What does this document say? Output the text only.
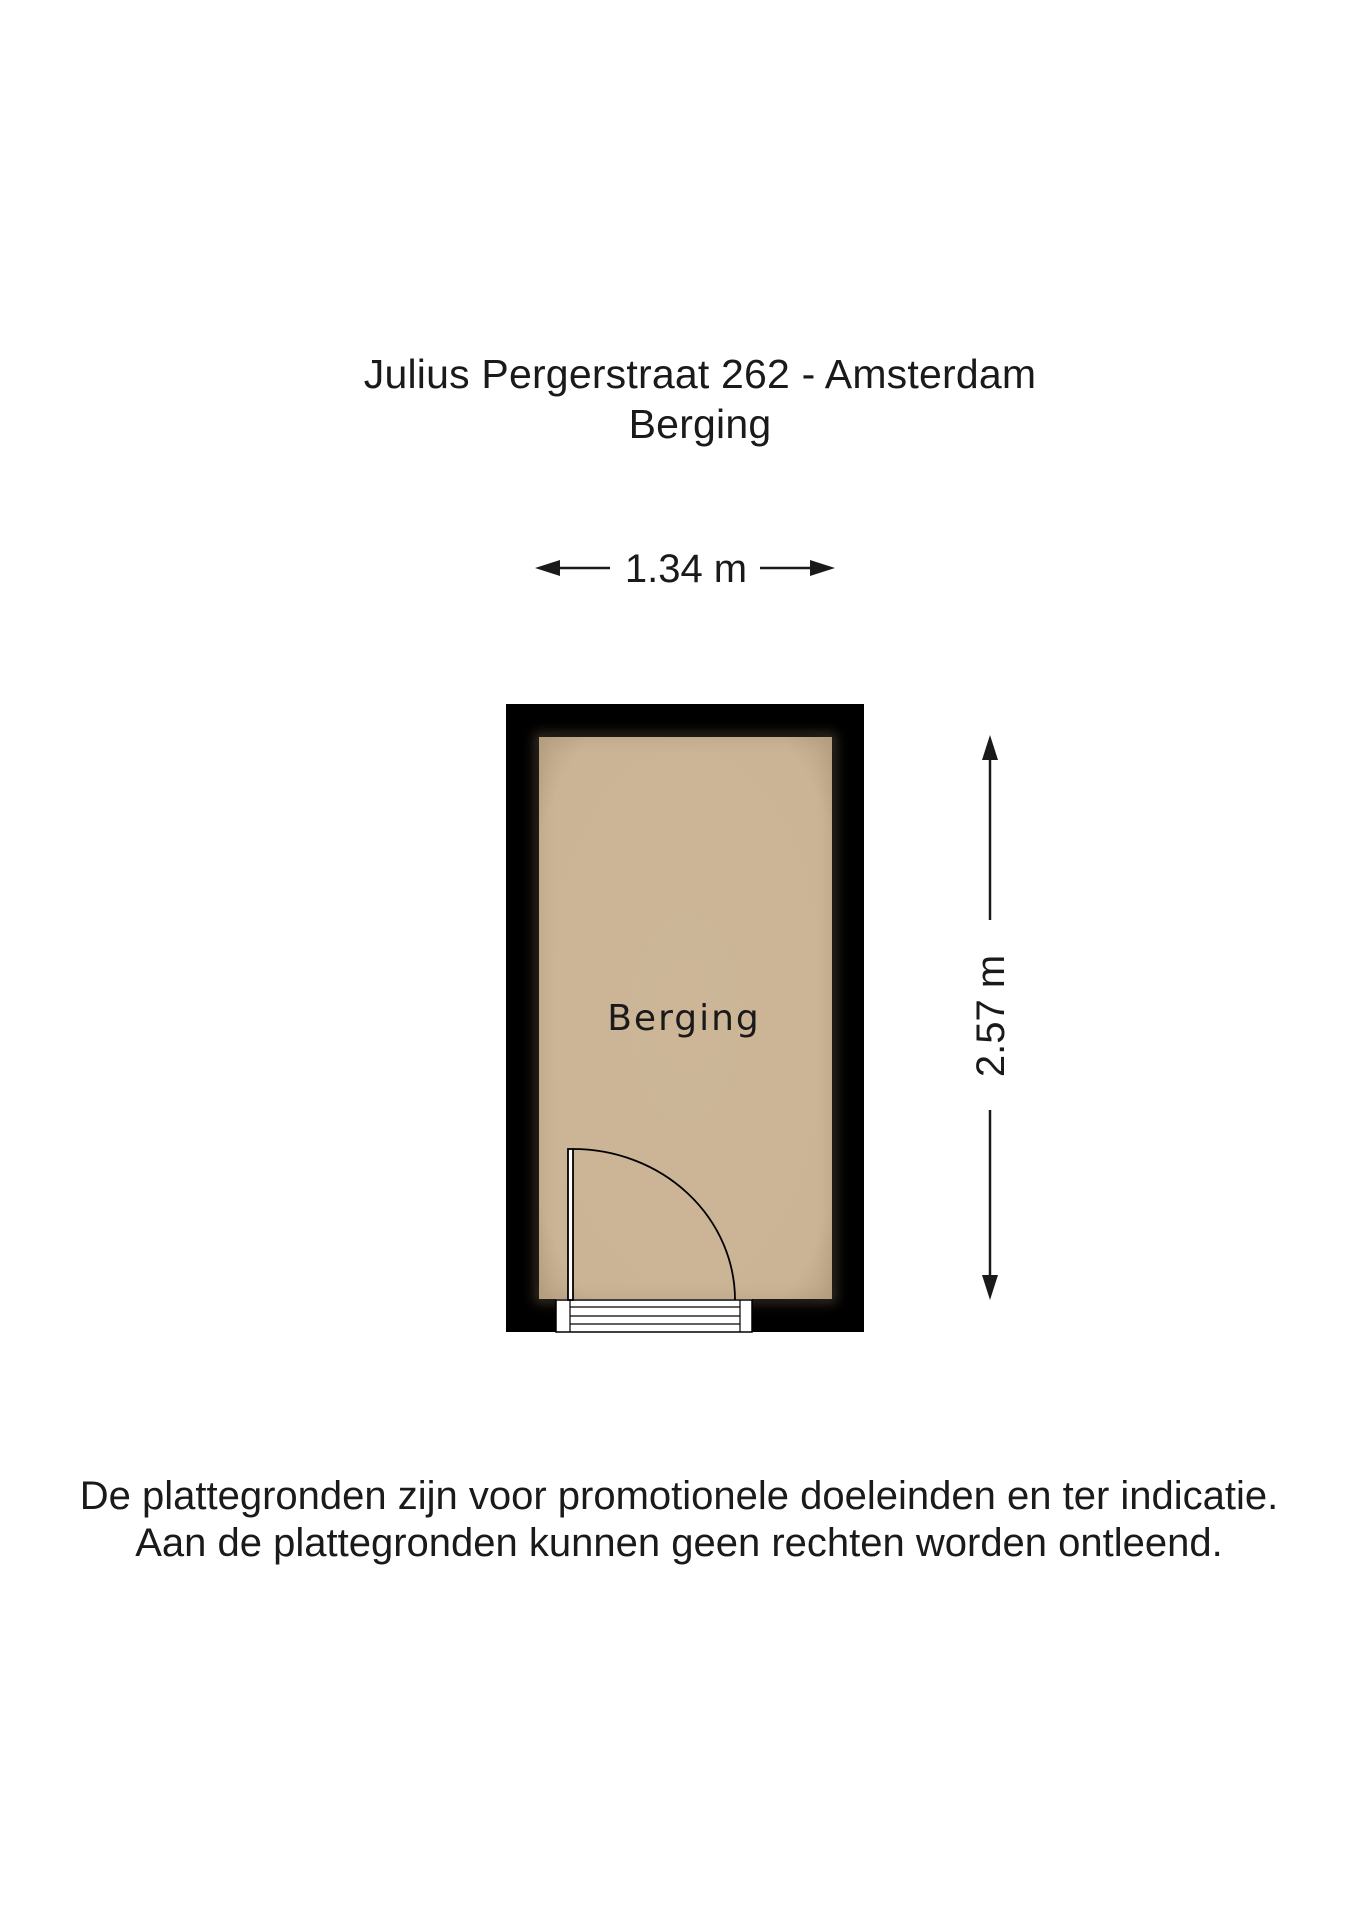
Julius Pergerstraat 262 - Amsterdam
Berging
1.34 m
Berging	2.57 m
De plattegronden zijn voor promotionele doeleinden en ter indicatie.
Aan de plattegronden kunnen geen rechten worden ontleend.
